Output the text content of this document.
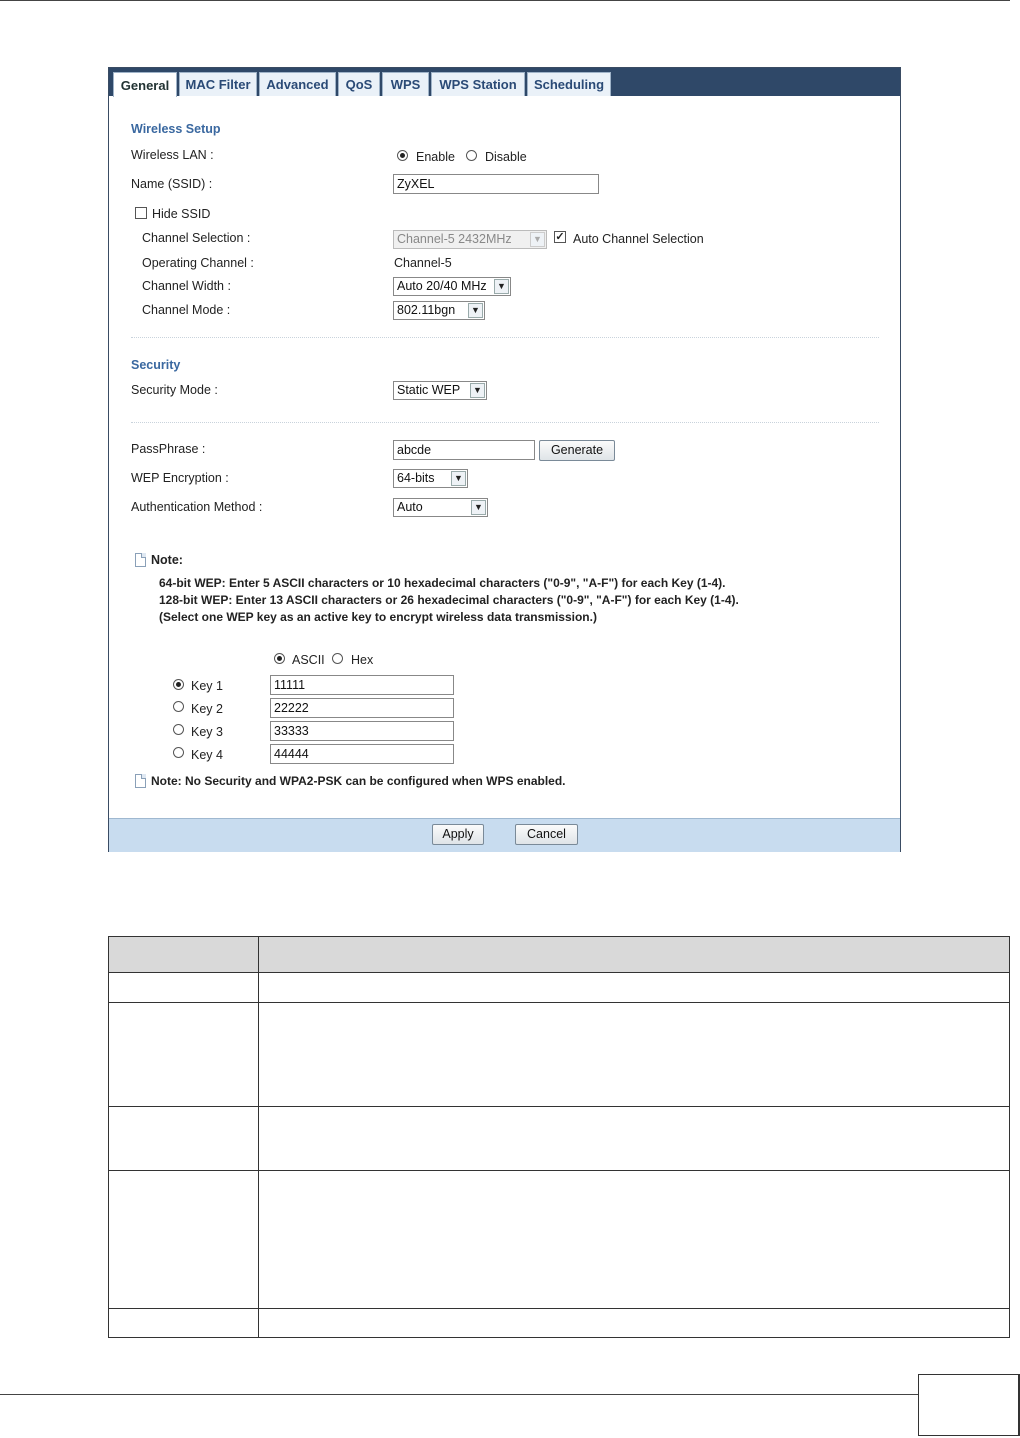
General	MAC Filter	Advanced	QoS	WPS	WPS Station	Scheduling
Wireless Setup
Wireless LAN :	Enable Disable
Name (SSID) :	ZyXEL
Hide SSID
Channel Selection :	Channel-5 2432MHz	▼ ✓ Auto Channel Selection
Operating Channel :	Channel-5
Channel Width :	Auto 20/40 MHz	▼
Channel Mode :	802.11bgn	▼
Security
Security Mode :	Static WEP	▼
PassPhrase :	abcde	Generate
WEP Encryption :	64-bits	▼
Authentication Method :	Auto	▼
Note:
64-bit WEP: Enter 5 ASCII characters or 10 hexadecimal characters ("0-9", "A-F") for each Key (1-4).
128-bit WEP: Enter 13 ASCII characters or 26 hexadecimal characters ("0-9", "A-F") for each Key (1-4).
(Select one WEP key as an active key to encrypt wireless data transmission.)
ASCII Hex
Key 1	11111
Key 2	22222
Key 3	33333
Key 4	44444
Note: No Security and WPA2-PSK can be configured when WPS enabled.
Apply	Cancel
